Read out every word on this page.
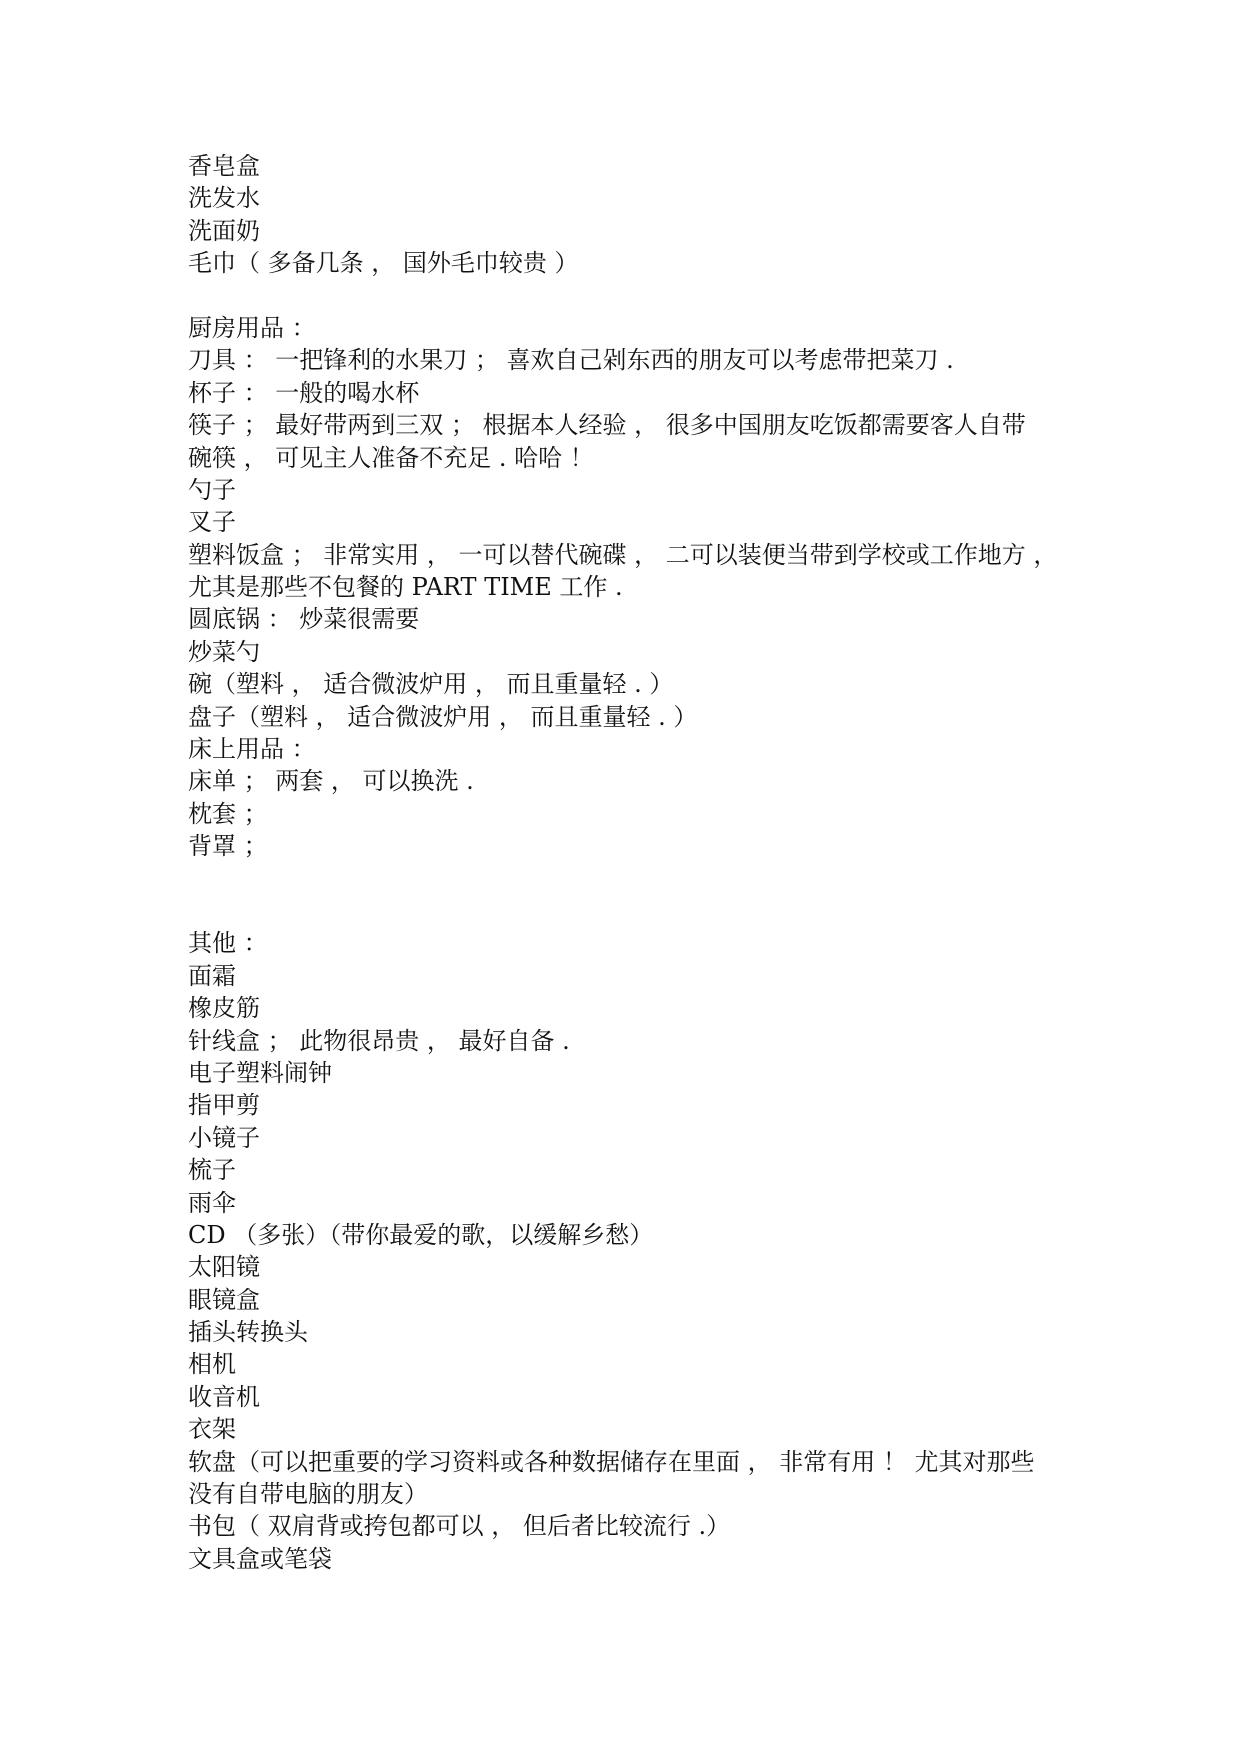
香皂盒
洗发水
洗面奶
毛巾（ 多备几条 ， 国外毛巾较贵 ）
厨房用品 ：
刀具 ： 一把锋利的水果刀 ； 喜欢自己剁东西的朋友可以考虑带把菜刀 .
杯子 ： 一般的喝水杯
筷子 ； 最好带两到三双 ； 根据本人经验 ， 很多中国朋友吃饭都需要客人自带
碗筷 ， 可见主人准备不充足 . 哈哈 ！
勺子
叉子
塑料饭盒 ； 非常实用 ， 一可以替代碗碟 ， 二可以装便当带到学校或工作地方 ，
尤其是那些不包餐的 PART TIME 工作 .
圆底锅 ： 炒菜很需要
炒菜勺
碗（塑料 ， 适合微波炉用 ， 而且重量轻 . ）
盘子（塑料 ， 适合微波炉用 ， 而且重量轻 . ）
床上用品 ：
床单 ； 两套 ， 可以换洗 .
枕套 ；
背罩 ；
其他 ：
面霜
橡皮筋
针线盒 ； 此物很昂贵 ， 最好自备 .
电子塑料闹钟
指甲剪
小镜子
梳子
雨伞
CD （多张）（带你最爱的歌，以缓解乡愁）
太阳镜
眼镜盒
插头转换头
相机
收音机
衣架
软盘（可以把重要的学习资料或各种数据储存在里面 ， 非常有用 ！ 尤其对那些
没有自带电脑的朋友）
书包（ 双肩背或挎包都可以 ， 但后者比较流行 .）
文具盒或笔袋
